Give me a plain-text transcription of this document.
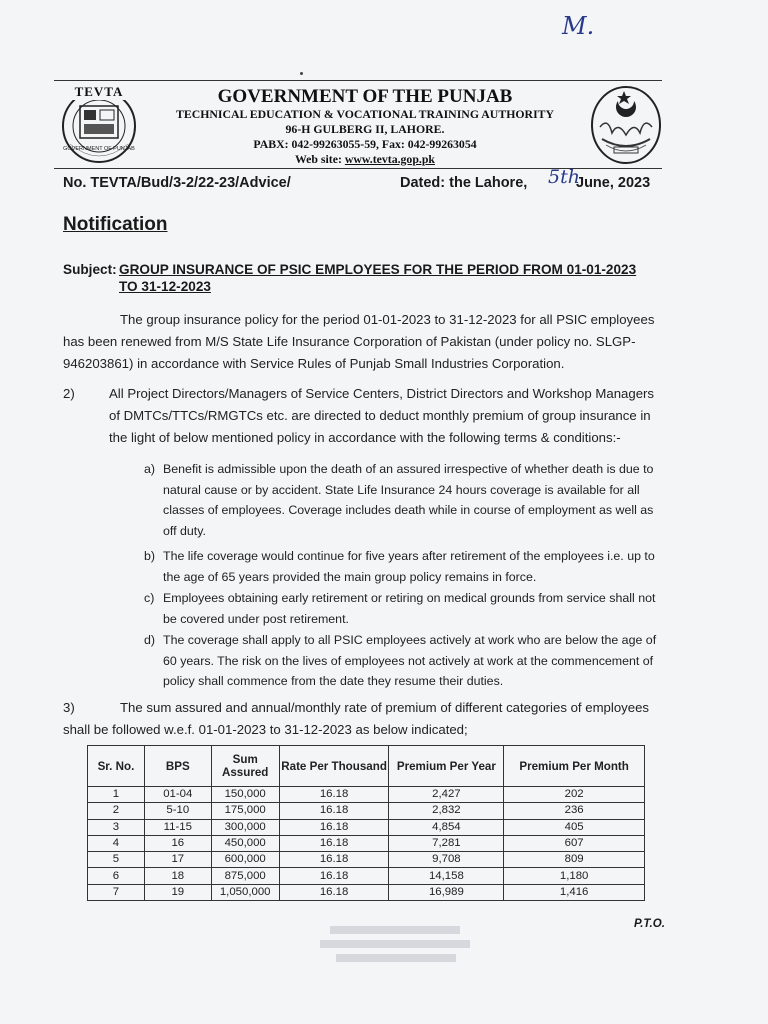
M.
GOVERNMENT OF PUNJAB
TEVTA	GOVERNMENT OF THE PUNJAB
TECHNICAL EDUCATION & VOCATIONAL TRAINING AUTHORITY
96-H GULBERG II, LAHORE.
PABX: 042-99263055-59, Fax: 042-99263054
Web site: www.tevta.gop.pk
No. TEVTA/Bud/3-2/22-23/Advice/	Dated: the Lahore, 5th
June, 2023
Notification
Subject: GROUP INSURANCE OF PSIC EMPLOYEES FOR THE PERIOD FROM 01-01-2023
TO 31-12-2023
The group insurance policy for the period 01-01-2023 to 31-12-2023 for all PSIC employees
has been renewed from M/S State Life Insurance Corporation of Pakistan (under policy no. SLGP-
946203861) in accordance with Service Rules of Punjab Small Industries Corporation.
2)	All Project Directors/Managers of Service Centers, District Directors and Workshop Managers
of DMTCs/TTCs/RMGTCs etc. are directed to deduct monthly premium of group insurance in
the light of below mentioned policy in accordance with the following terms & conditions:-
a) Benefit is admissible upon the death of an assured irrespective of whether death is due to
natural cause or by accident. State Life Insurance 24 hours coverage is available for all
classes of employees. Coverage includes death while in course of employment as well as
off duty.
b) The life coverage would continue for five years after retirement of the employees i.e. up to
the age of 65 years provided the main group policy remains in force.
c) Employees obtaining early retirement or retiring on medical grounds from service shall not
be covered under post retirement.
d) The coverage shall apply to all PSIC employees actively at work who are below the age of
60 years. The risk on the lives of employees not actively at work at the commencement of
policy shall commence from the date they resume their duties.
3)	The sum assured and annual/monthly rate of premium of different categories of employees
shall be followed w.e.f. 01-01-2023 to 31-12-2023 as below indicated;
Sr. No.	BPS	Sum Assured	Rate Per Thousand	Premium Per Year	Premium Per Month
1	01-04	150,000	16.18	2,427	202
2	5-10	175,000	16.18	2,832	236
3	11-15	300,000	16.18	4,854	405
4	16	450,000	16.18	7,281	607
5	17	600,000	16.18	9,708	809
6	18	875,000	16.18	14,158	1,180
7	19	1,050,000	16.18	16,989	1,416
P.T.O.
